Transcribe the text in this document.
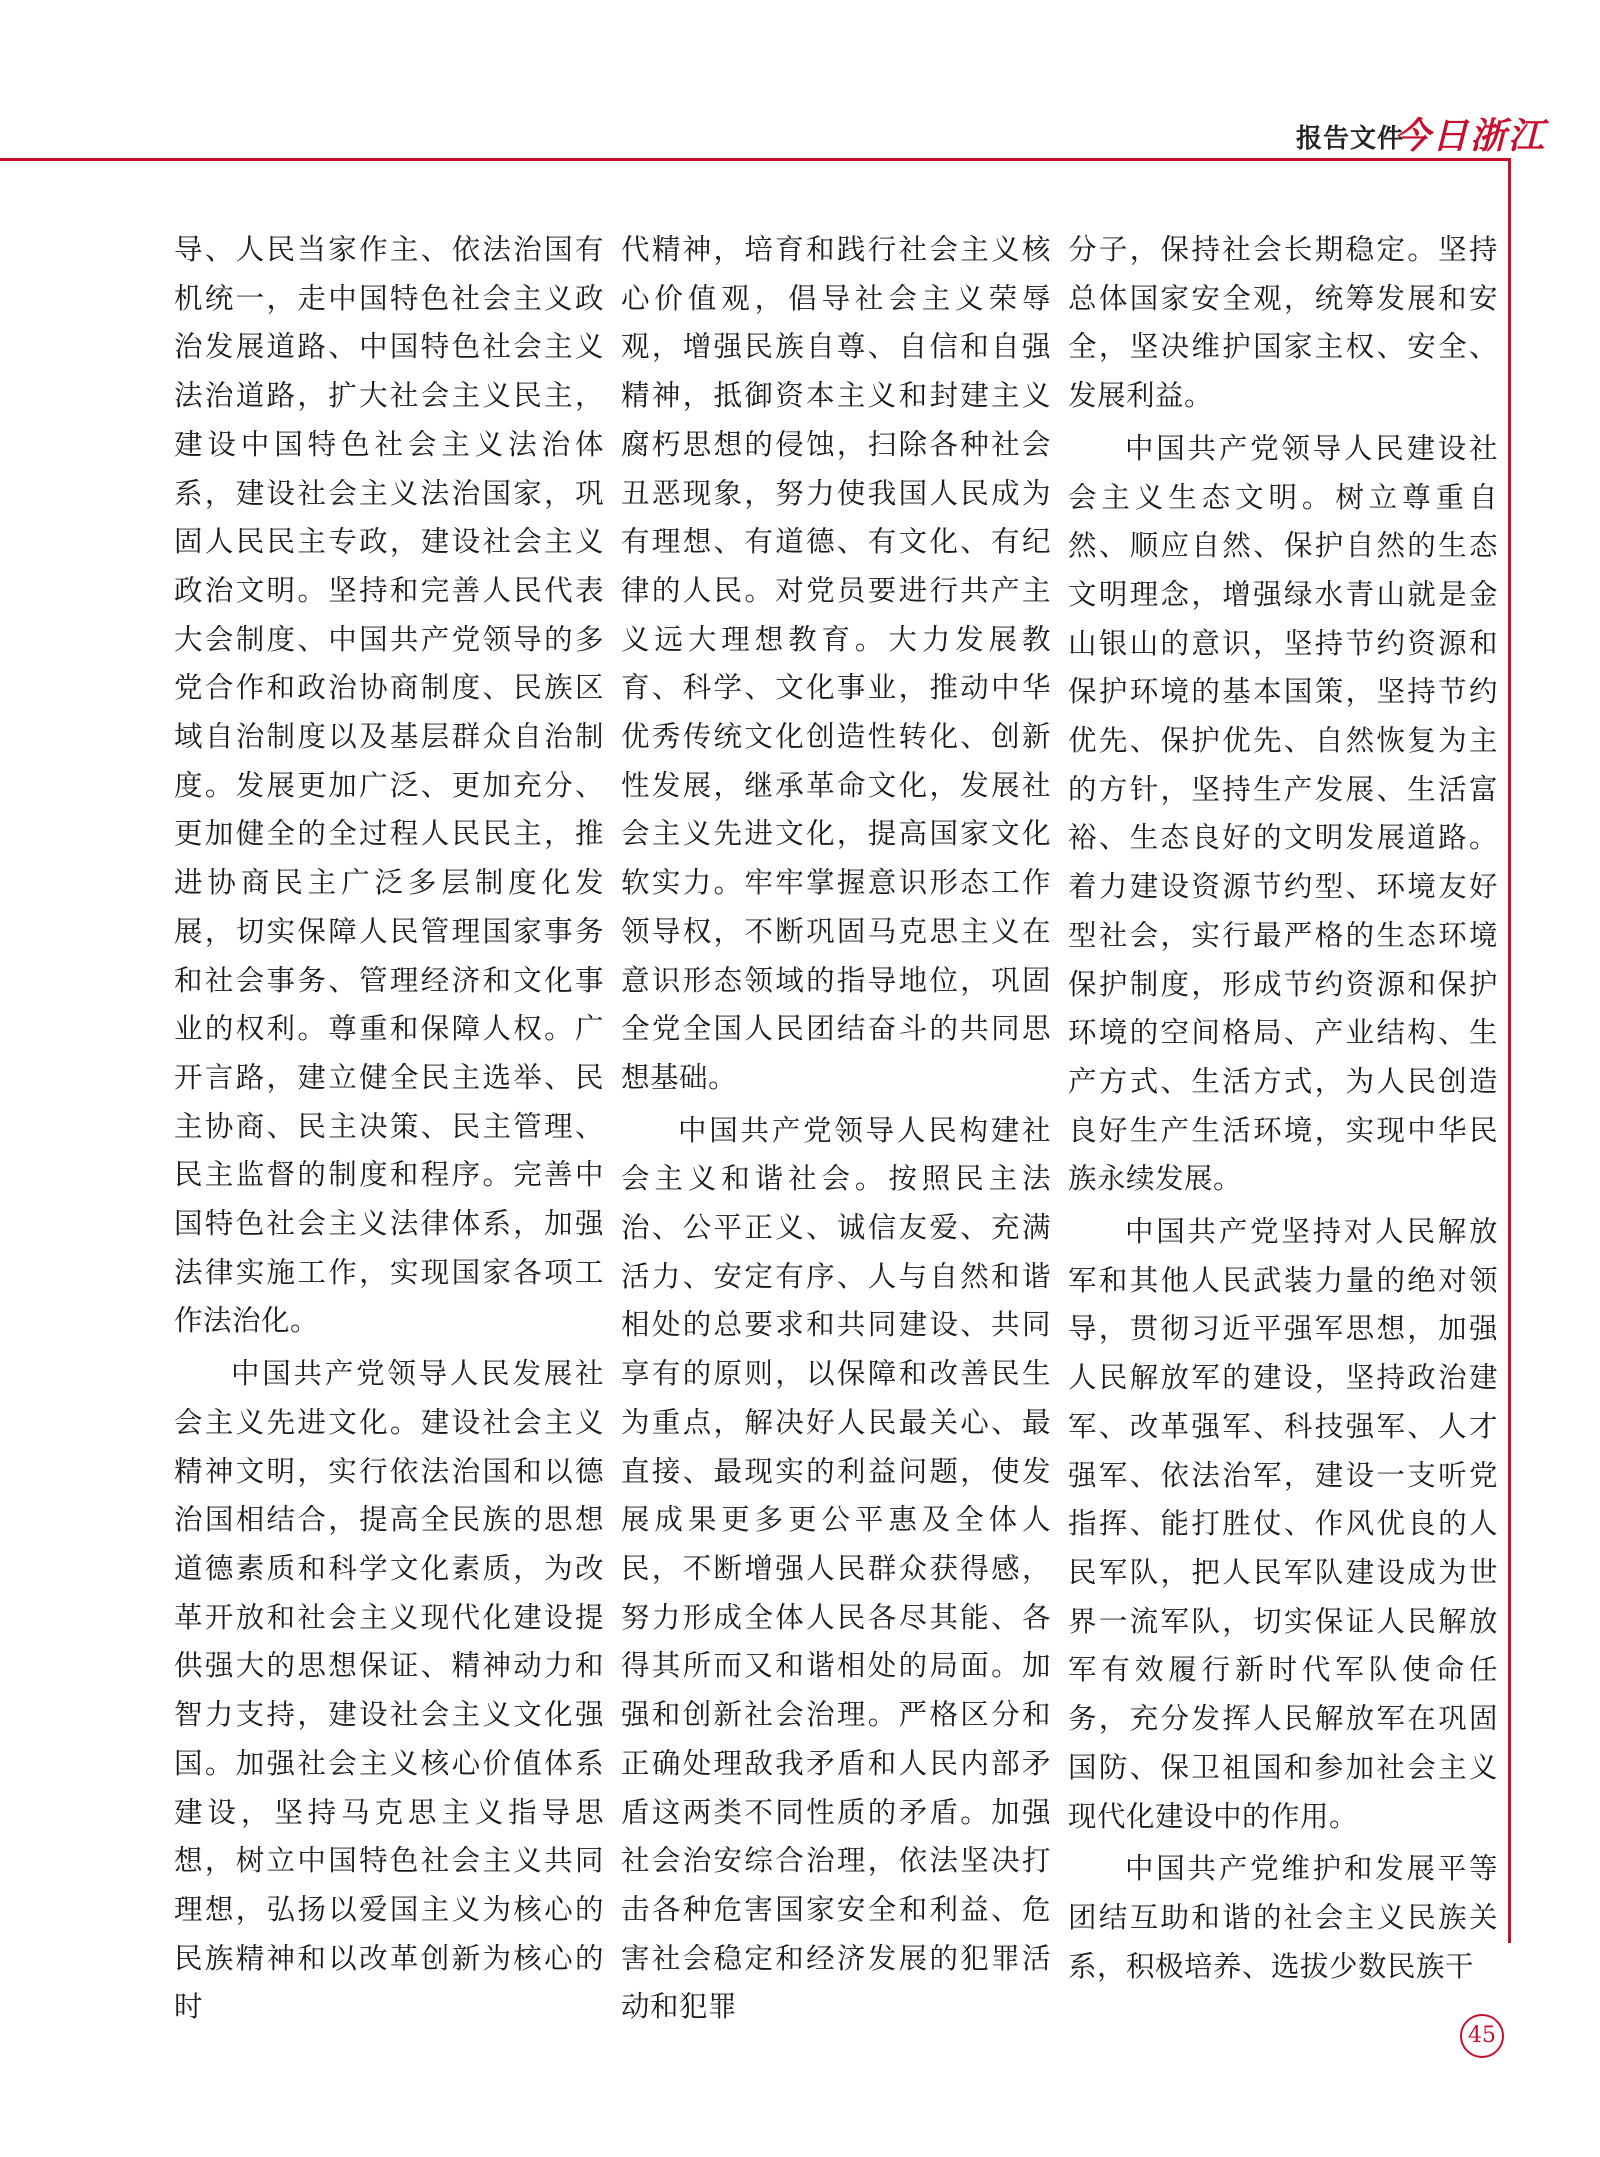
报告文件
今日浙江

导、人民当家作主、依法治国有机统一，走中国特色社会主义政治发展道路、中国特色社会主义法治道路，扩大社会主义民主，建设中国特色社会主义法治体系，建设社会主义法治国家，巩固人民民主专政，建设社会主义政治文明。坚持和完善人民代表大会制度、中国共产党领导的多党合作和政治协商制度、民族区域自治制度以及基层群众自治制度。发展更加广泛、更加充分、更加健全的全过程人民民主，推进协商民主广泛多层制度化发展，切实保障人民管理国家事务和社会事务、管理经济和文化事业的权利。尊重和保障人权。广开言路，建立健全民主选举、民主协商、民主决策、民主管理、民主监督的制度和程序。完善中国特色社会主义法律体系，加强法律实施工作，实现国家各项工作法治化。

中国共产党领导人民发展社会主义先进文化。建设社会主义精神文明，实行依法治国和以德治国相结合，提高全民族的思想道德素质和科学文化素质，为改革开放和社会主义现代化建设提供强大的思想保证、精神动力和智力支持，建设社会主义文化强国。加强社会主义核心价值体系建设，坚持马克思主义指导思想，树立中国特色社会主义共同理想，弘扬以爱国主义为核心的民族精神和以改革创新为核心的时

代精神，培育和践行社会主义核心价值观，倡导社会主义荣辱观，增强民族自尊、自信和自强精神，抵御资本主义和封建主义腐朽思想的侵蚀，扫除各种社会丑恶现象，努力使我国人民成为有理想、有道德、有文化、有纪律的人民。对党员要进行共产主义远大理想教育。大力发展教育、科学、文化事业，推动中华优秀传统文化创造性转化、创新性发展，继承革命文化，发展社会主义先进文化，提高国家文化软实力。牢牢掌握意识形态工作领导权，不断巩固马克思主义在意识形态领域的指导地位，巩固全党全国人民团结奋斗的共同思想基础。

中国共产党领导人民构建社会主义和谐社会。按照民主法治、公平正义、诚信友爱、充满活力、安定有序、人与自然和谐相处的总要求和共同建设、共同享有的原则，以保障和改善民生为重点，解决好人民最关心、最直接、最现实的利益问题，使发展成果更多更公平惠及全体人民，不断增强人民群众获得感，努力形成全体人民各尽其能、各得其所而又和谐相处的局面。加强和创新社会治理。严格区分和正确处理敌我矛盾和人民内部矛盾这两类不同性质的矛盾。加强社会治安综合治理，依法坚决打击各种危害国家安全和利益、危害社会稳定和经济发展的犯罪活动和犯罪

分子，保持社会长期稳定。坚持总体国家安全观，统筹发展和安全，坚决维护国家主权、安全、发展利益。

中国共产党领导人民建设社会主义生态文明。树立尊重自然、顺应自然、保护自然的生态文明理念，增强绿水青山就是金山银山的意识，坚持节约资源和保护环境的基本国策，坚持节约优先、保护优先、自然恢复为主的方针，坚持生产发展、生活富裕、生态良好的文明发展道路。着力建设资源节约型、环境友好型社会，实行最严格的生态环境保护制度，形成节约资源和保护环境的空间格局、产业结构、生产方式、生活方式，为人民创造良好生产生活环境，实现中华民族永续发展。

中国共产党坚持对人民解放军和其他人民武装力量的绝对领导，贯彻习近平强军思想，加强人民解放军的建设，坚持政治建军、改革强军、科技强军、人才强军、依法治军，建设一支听党指挥、能打胜仗、作风优良的人民军队，把人民军队建设成为世界一流军队，切实保证人民解放军有效履行新时代军队使命任务，充分发挥人民解放军在巩固国防、保卫祖国和参加社会主义现代化建设中的作用。

中国共产党维护和发展平等团结互助和谐的社会主义民族关系，积极培养、选拔少数民族干

45
